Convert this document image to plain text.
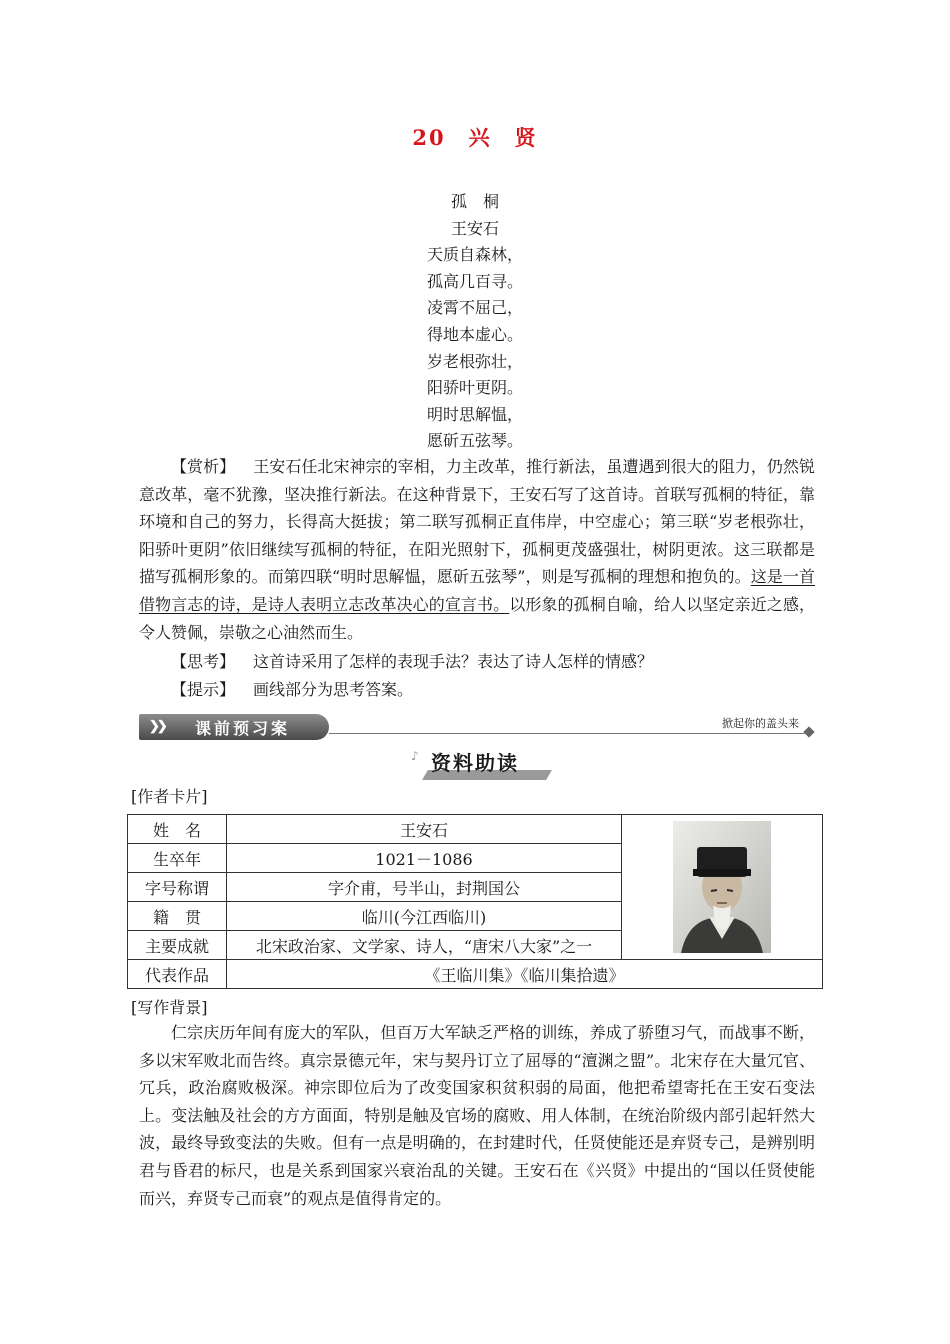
20　兴　贤
孤　桐
王安石
天质自森林，
孤高几百寻。
凌霄不屈己，
得地本虚心。
岁老根弥壮，
阳骄叶更阴。
明时思解愠，
愿斫五弦琴。

【赏析】 王安石任北宋神宗的宰相，力主改革，推行新法，虽遭遇到很大的阻力，仍然锐意改革，毫不犹豫，坚决推行新法。在这种背景下，王安石写了这首诗。首联写孤桐的特征，靠环境和自己的努力，长得高大挺拔；第二联写孤桐正直伟岸，中空虚心；第三联“岁老根弥壮，阳骄叶更阴”依旧继续写孤桐的特征，在阳光照射下，孤桐更茂盛强壮，树阴更浓。这三联都是描写孤桐形象的。而第四联“明时思解愠，愿斫五弦琴”，则是写孤桐的理想和抱负的。这是一首借物言志的诗，是诗人表明立志改革决心的宣言书。以形象的孤桐自喻，给人以坚定亲近之感，令人赞佩，崇敬之心油然而生。

【思考】 这首诗采用了怎样的表现手法？表达了诗人怎样的情感？

【提示】 画线部分为思考答案。

❯❯ 课前预习案	掀起你的盖头来
♪ 资料助读
[作者卡片]
姓　名	王安石	

生卒年	1021－1086	
字号称谓	字介甫，号半山，封荆国公	
籍　贯	临川(今江西临川)	
主要成就	北宋政治家、文学家、诗人，“唐宋八大家”之一	
代表作品	《王临川集》《临川集拾遗》	
[写作背景]

仁宗庆历年间有庞大的军队，但百万大军缺乏严格的训练，养成了骄堕习气，而战事不断，多以宋军败北而告终。真宗景德元年，宋与契丹订立了屈辱的“澶渊之盟”。北宋存在大量冗官、冗兵，政治腐败极深。神宗即位后为了改变国家积贫积弱的局面，他把希望寄托在王安石变法上。变法触及社会的方方面面，特别是触及官场的腐败、用人体制，在统治阶级内部引起轩然大波，最终导致变法的失败。但有一点是明确的，在封建时代，任贤使能还是弃贤专己，是辨别明君与昏君的标尺，也是关系到国家兴衰治乱的关键。王安石在《兴贤》中提出的“国以任贤使能而兴，弃贤专己而衰”的观点是值得肯定的。
